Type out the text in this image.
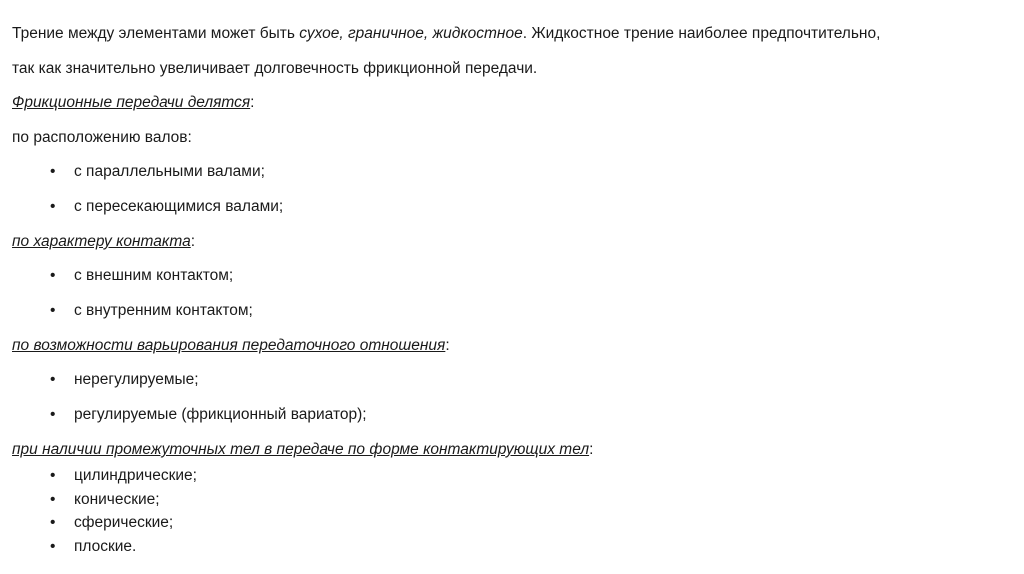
Трение между элементами может быть сухое, граничное, жидкостное. Жидкостное трение наиболее предпочтительно,
так как значительно увеличивает долговечность фрикционной передачи.
Фрикционные передачи делятся:
по расположению валов:
•	с параллельными валами;
•	с пересекающимися валами;
по характеру контакта:
•	с внешним контактом;
•	с внутренним контактом;
по возможности варьирования передаточного отношения:
•	нерегулируемые;
•	регулируемые (фрикционный вариатор);
при наличии промежуточных тел в передаче по форме контактирующих тел:
•	цилиндрические;
•	конические;
•	сферические;
•	плоские.
